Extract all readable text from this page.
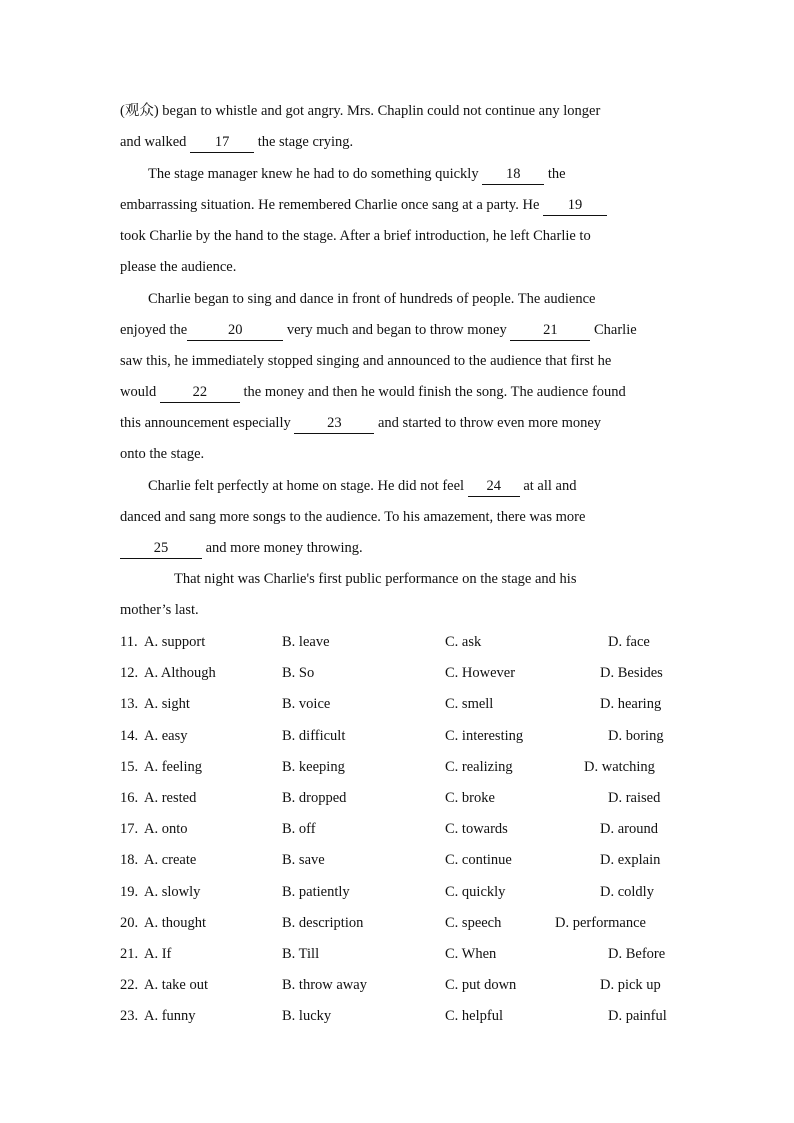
(观众) began to whistle and got angry. Mrs. Chaplin could not continue any longer
and walked 17 the stage crying.
The stage manager knew he had to do something quickly 18 the
embarrassing situation. He remembered Charlie once sang at a party. He 19
took Charlie by the hand to the stage. After a brief introduction, he left Charlie to
please the audience.
Charlie began to sing and dance in front of hundreds of people. The audience
enjoyed the	20	very much and began to throw money 21 Charlie
saw this, he immediately stopped singing and announced to the audience that first he
would 22 the money and then he would finish the song. The audience found
this announcement especially 23 and started to throw even more money
onto the stage.
Charlie felt perfectly at home on stage. He did not feel 24 at all and
danced and sang more songs to the audience. To his amazement, there was more
25 and more money throwing.
That night was Charlie's first public performance on the stage and his
mother’s last.
11. A. support	B. leave	C. ask	D. face
12. A. Although	B. So	C. However	D. Besides
13. A. sight	B. voice	C. smell	D. hearing
14. A. easy	B. difficult	C. interesting	D. boring
15. A. feeling	B. keeping	C. realizing	D. watching
16. A. rested	B. dropped	C. broke	D. raised
17. A. onto	B. off	C. towards	D. around
18. A. create	B. save	C. continue	D. explain
19. A. slowly	B. patiently	C. quickly	D. coldly
20. A. thought	B. description	C. speech	D. performance
21. A. If	B. Till	C. When	D. Before
22. A. take out	B. throw away	C. put down	D. pick up
23. A. funny	B. lucky	C. helpful	D. painful
